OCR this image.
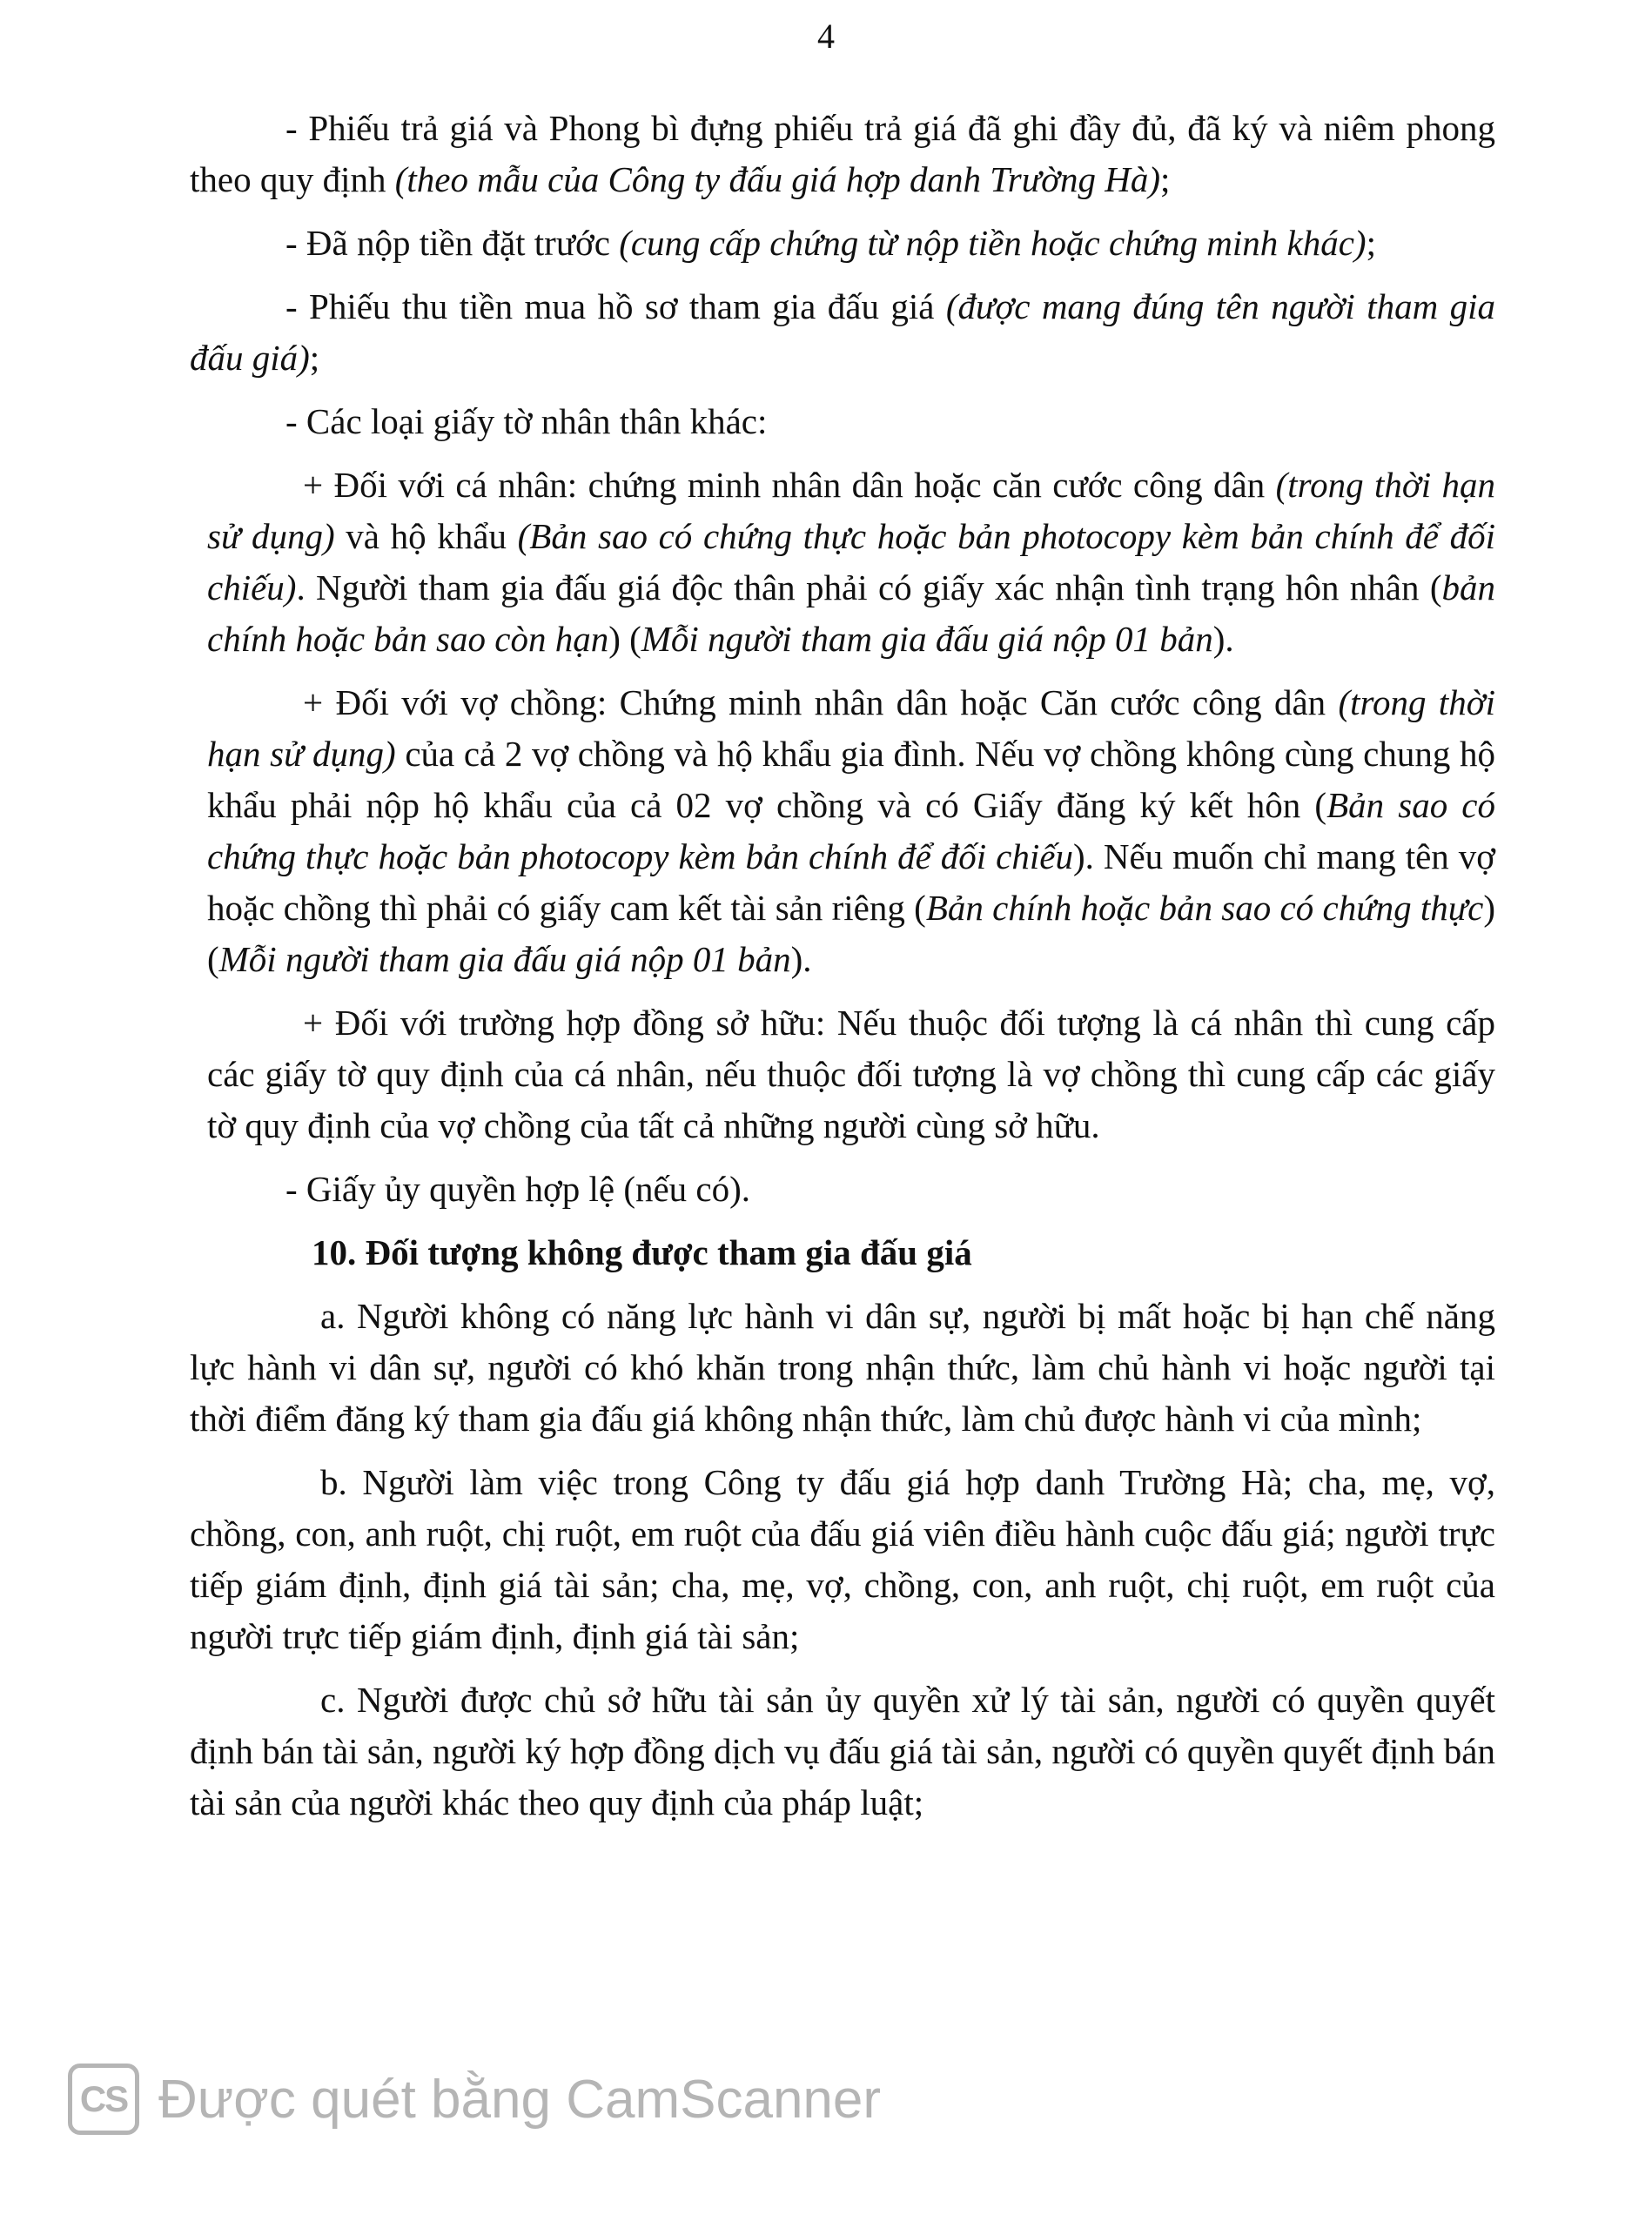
4

- Phiếu trả giá và Phong bì đựng phiếu trả giá đã ghi đầy đủ, đã ký và niêm phong theo quy định (theo mẫu của Công ty đấu giá hợp danh Trường Hà);

- Đã nộp tiền đặt trước (cung cấp chứng từ nộp tiền hoặc chứng minh khác);

- Phiếu thu tiền mua hồ sơ tham gia đấu giá (được mang đúng tên người tham gia đấu giá);

- Các loại giấy tờ nhân thân khác:

+ Đối với cá nhân: chứng minh nhân dân hoặc căn cước công dân (trong thời hạn sử dụng) và hộ khẩu (Bản sao có chứng thực hoặc bản photocopy kèm bản chính để đối chiếu). Người tham gia đấu giá độc thân phải có giấy xác nhận tình trạng hôn nhân (bản chính hoặc bản sao còn hạn) (Mỗi người tham gia đấu giá nộp 01 bản).

+ Đối với vợ chồng: Chứng minh nhân dân hoặc Căn cước công dân (trong thời hạn sử dụng) của cả 2 vợ chồng và hộ khẩu gia đình. Nếu vợ chồng không cùng chung hộ khẩu phải nộp hộ khẩu của cả 02 vợ chồng và có Giấy đăng ký kết hôn (Bản sao có chứng thực hoặc bản photocopy kèm bản chính để đối chiếu). Nếu muốn chỉ mang tên vợ hoặc chồng thì phải có giấy cam kết tài sản riêng (Bản chính hoặc bản sao có chứng thực) (Mỗi người tham gia đấu giá nộp 01 bản).

+ Đối với trường hợp đồng sở hữu: Nếu thuộc đối tượng là cá nhân thì cung cấp các giấy tờ quy định của cá nhân, nếu thuộc đối tượng là vợ chồng thì cung cấp các giấy tờ quy định của vợ chồng của tất cả những người cùng sở hữu.

- Giấy ủy quyền hợp lệ (nếu có).

10. Đối tượng không được tham gia đấu giá

a. Người không có năng lực hành vi dân sự, người bị mất hoặc bị hạn chế năng lực hành vi dân sự, người có khó khăn trong nhận thức, làm chủ hành vi hoặc người tại thời điểm đăng ký tham gia đấu giá không nhận thức, làm chủ được hành vi của mình;

b. Người làm việc trong Công ty đấu giá hợp danh Trường Hà; cha, mẹ, vợ, chồng, con, anh ruột, chị ruột, em ruột của đấu giá viên điều hành cuộc đấu giá; người trực tiếp giám định, định giá tài sản; cha, mẹ, vợ, chồng, con, anh ruột, chị ruột, em ruột của người trực tiếp giám định, định giá tài sản;

c. Người được chủ sở hữu tài sản ủy quyền xử lý tài sản, người có quyền quyết định bán tài sản, người ký hợp đồng dịch vụ đấu giá tài sản, người có quyền quyết định bán tài sản của người khác theo quy định của pháp luật;

CS Được quét bằng CamScanner
